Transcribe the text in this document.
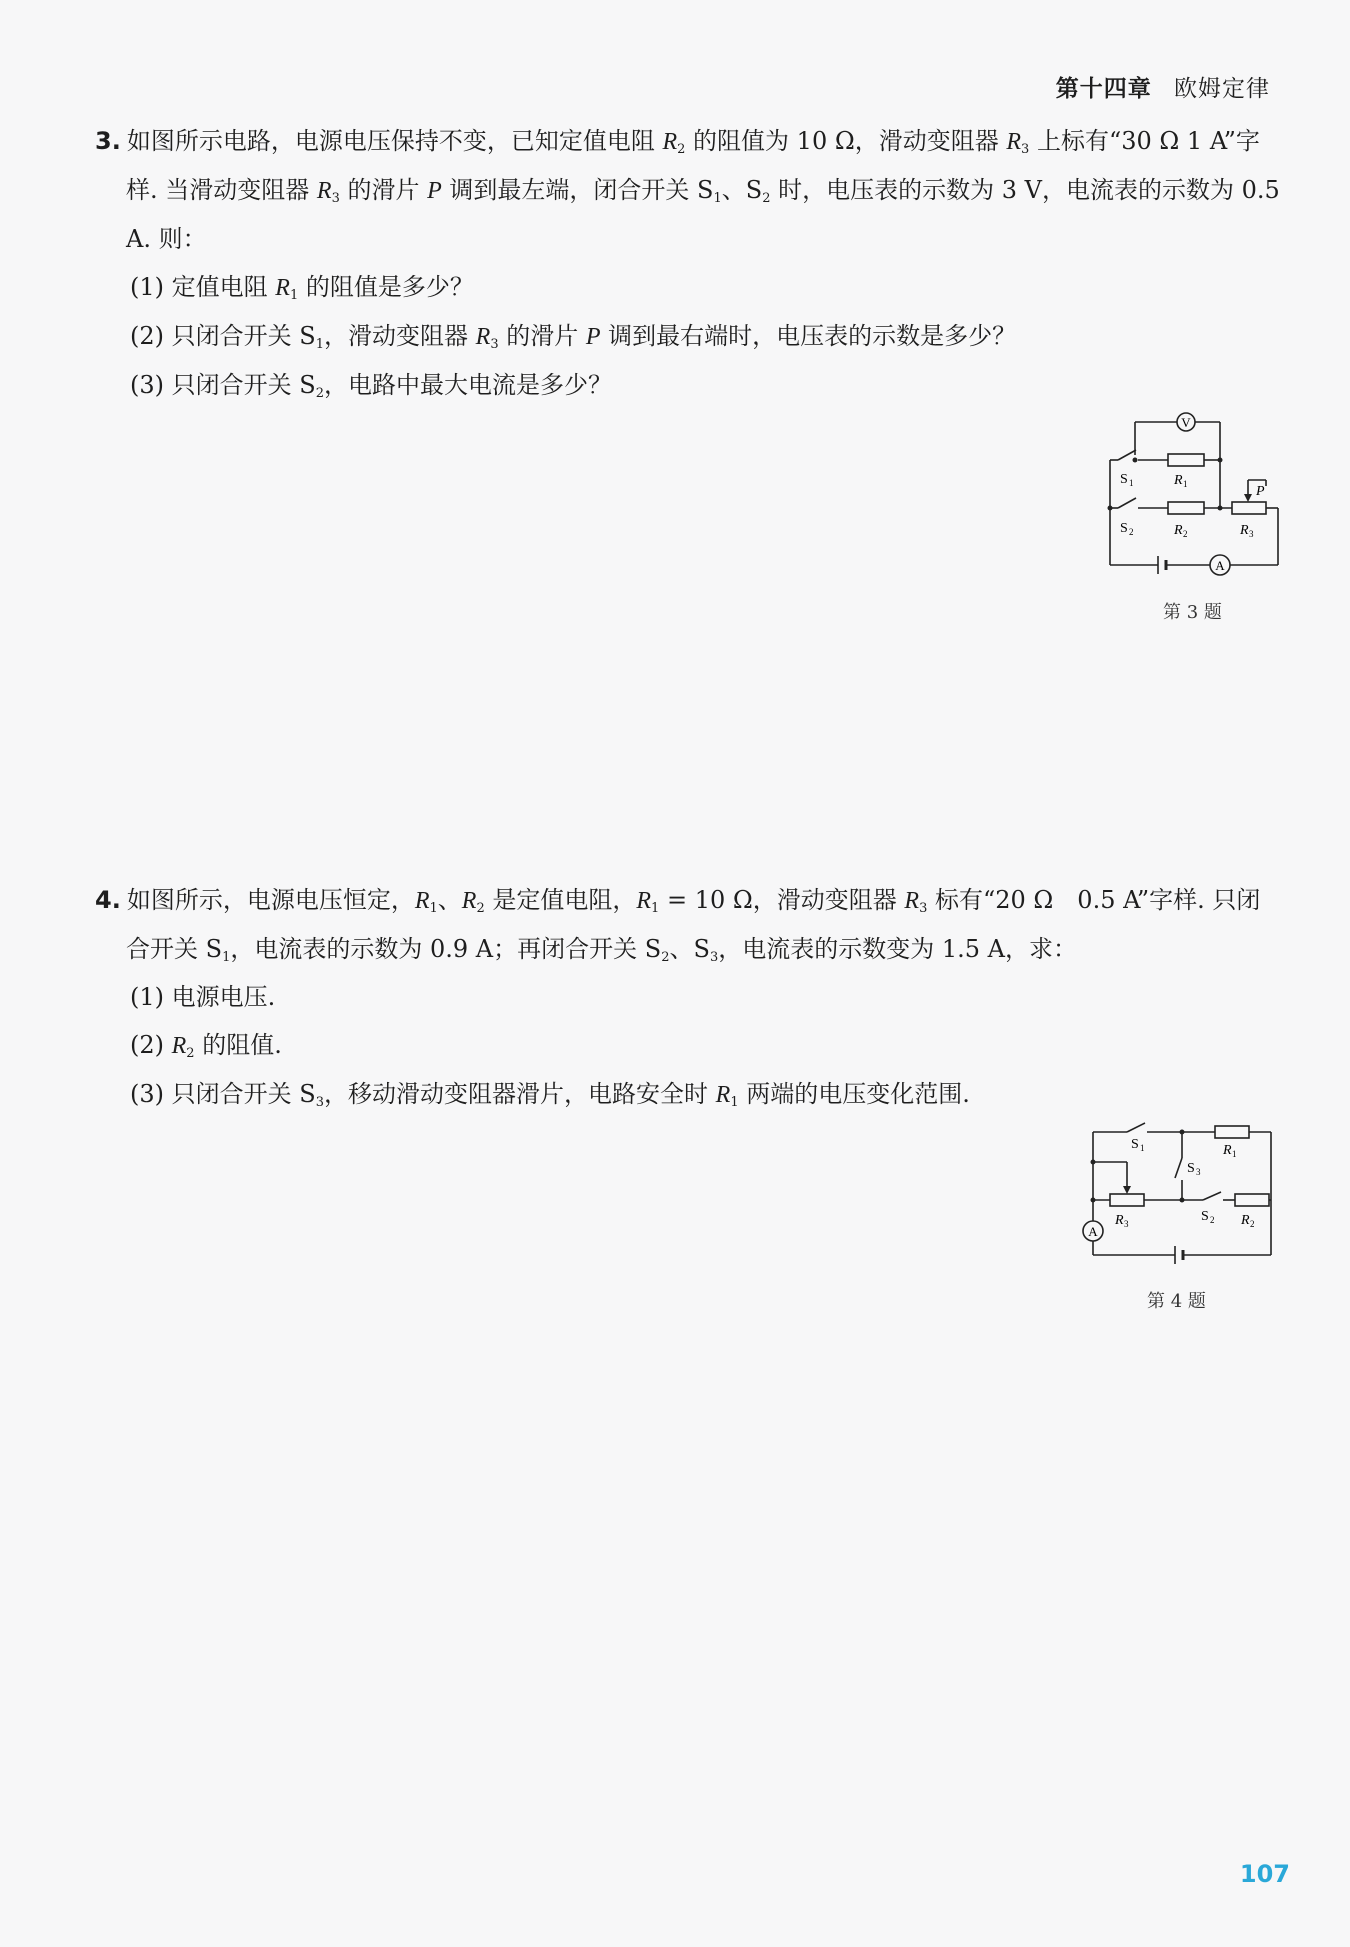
第十四章 欧姆定律
3. 如图所示电路，电源电压保持不变，已知定值电阻 $R_2$ 的阻值为 10 Ω，滑动变阻器 $R_3$ 上标有“30 Ω 1 A”字样. 当滑动变阻器 $R_3$ 的滑片 P 调到最左端，闭合开关 $S_1$、$S_2$ 时，电压表的示数为 3 V，电流表的示数为 0.5 A. 则：
(1) 定值电阻 $R_1$ 的阻值是多少？
(2) 只闭合开关 $S_1$，滑动变阻器 $R_3$ 的滑片 P 调到最右端时，电压表的示数是多少？
(3) 只闭合开关 $S_2$，电路中最大电流是多少？
V
A
S 1	R 1
S 2	R 2	R 3
P
第 3 题
4. 如图所示，电源电压恒定，$R_1$、$R_2$ 是定值电阻，$R_1 = 10$ Ω，滑动变阻器 $R_3$ 标有“20 Ω　0.5 A”字样. 只闭合开关 $S_1$，电流表的示数为 0.9 A；再闭合开关 $S_2$、$S_3$，电流表的示数变为 1.5 A，求：
(1) 电源电压.
(2) $R_2$ 的阻值.
(3) 只闭合开关 $S_3$，移动滑动变阻器滑片，电路安全时 $R_1$ 两端的电压变化范围.
A
S 1	R 1
S 3
R 3	S 2 R 2
第 4 题
107
